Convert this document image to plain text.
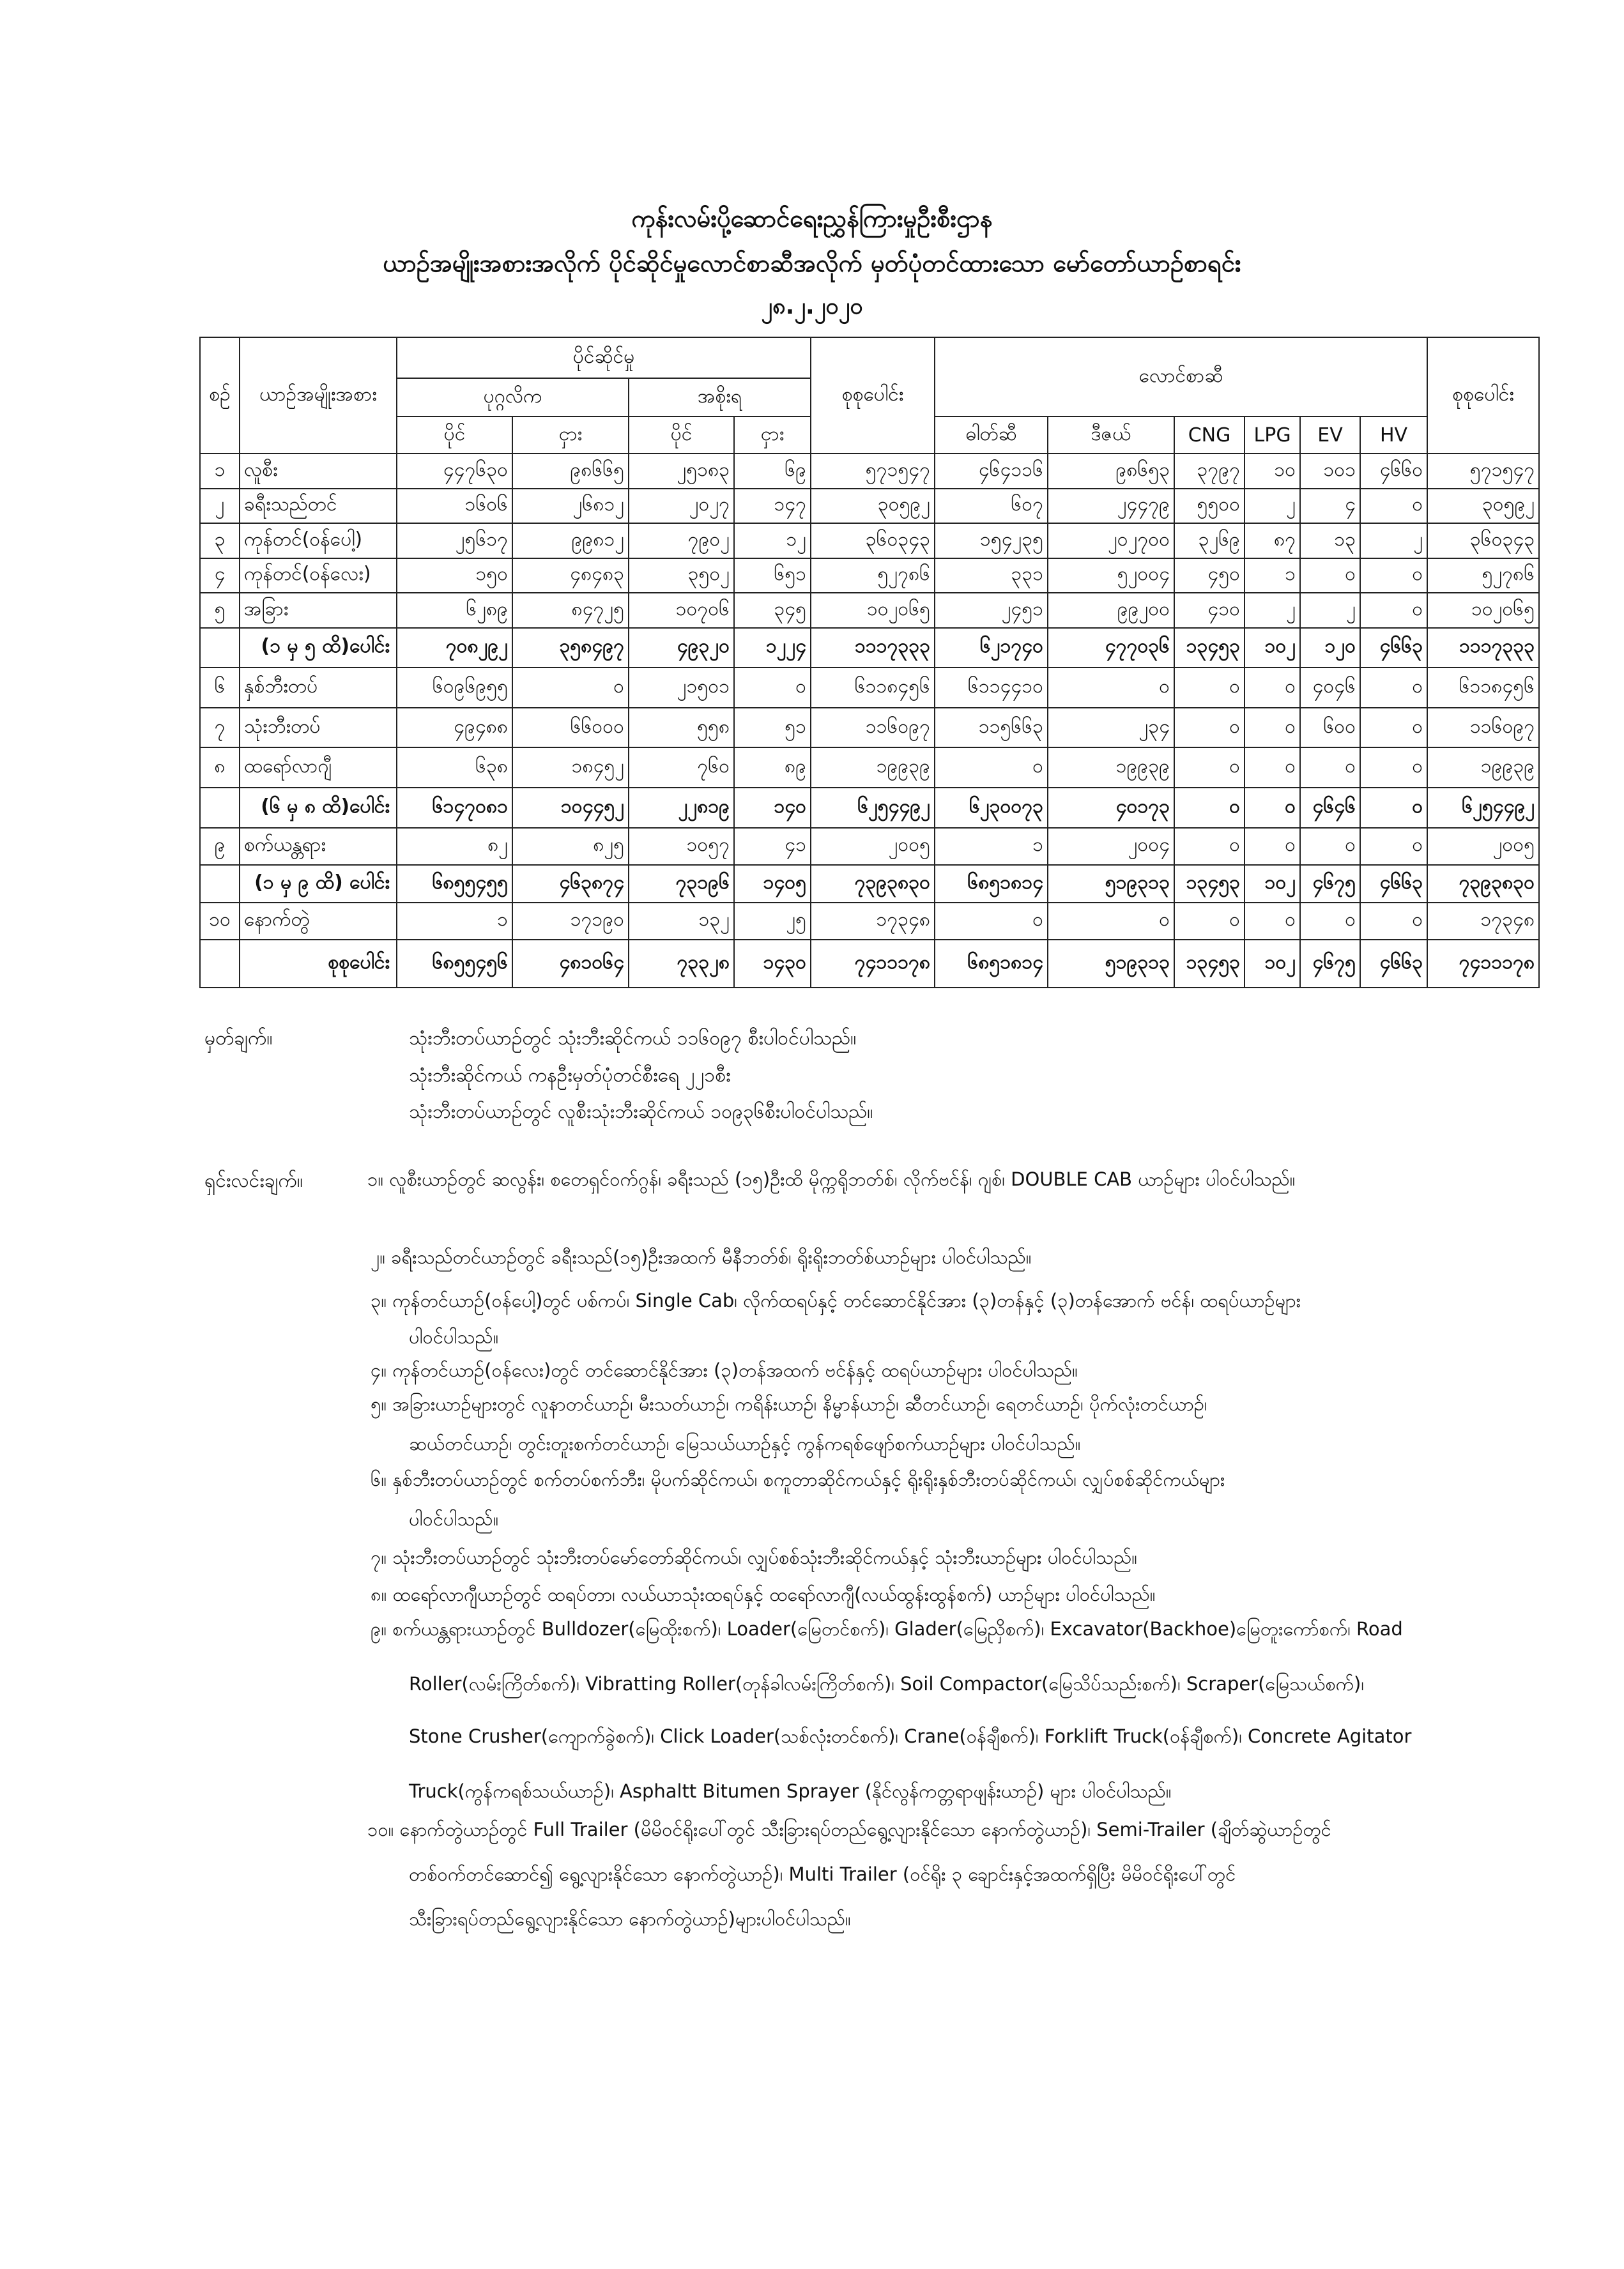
ကုန်းလမ်းပို့ဆောင်ရေးညွှန်ကြားမှုဦးစီးဌာန
ယာဉ်အမျိုးအစားအလိုက် ပိုင်ဆိုင်မှုလောင်စာဆီအလိုက် မှတ်ပုံတင်ထားသော မော်တော်ယာဉ်စာရင်း
၂၈.၂.၂၀၂၀
စဉ်	ယာဉ်အမျိုးအစား	ပိုင်ဆိုင်မှု				စုစုပေါင်း	လောင်စာဆီ						စုစုပေါင်း
		ပုဂ္ဂလိက		အစိုးရ									
		ပိုင်	ငှား	ပိုင်	ငှား		ဓါတ်ဆီ	ဒီဇယ်	CNG	LPG	EV	HV	
၁	လူစီး	၄၄၇၆၃၀	၉၈၆၆၅	၂၅၁၈၃	၆၉	၅၇၁၅၄၇	၄၆၄၁၁၆	၉၈၆၅၃	၃၇၉၇	၁၀	၁၀၁	၄၆၆၀	၅၇၁၅၄၇
၂	ခရီးသည်တင်	၁၆၀၆	၂၆၈၁၂	၂၀၂၇	၁၄၇	၃၀၅၉၂	၆၀၇	၂၄၄၇၉	၅၅၀၀	၂	၄	၀	၃၀၅၉၂
၃	ကုန်တင်(ဝန်ပေါ့)	၂၅၆၁၇	၉၉၈၁၂	၇၉၀၂	၁၂	၃၆၀၃၄၃	၁၅၄၂၃၅	၂၀၂၇၀၀	၃၂၆၉	၈၇	၁၃	၂	၃၆၀၃၄၃
၄	ကုန်တင်(ဝန်လေး)	၁၅၀	၄၈၄၈၃	၃၅၀၂	၆၅၁	၅၂၇၈၆	၃၃၁	၅၂၀၀၄	၄၅၀	၁	၀	၀	၅၂၇၈၆
၅	အခြား	၆၂၈၉	၈၄၇၂၅	၁၀၇၀၆	၃၄၅	၁၀၂၀၆၅	၂၄၅၁	၉၉၂၀၀	၄၁၀	၂	၂	၀	၁၀၂၀၆၅
	(၁ မှ ၅ ထိ)ပေါင်း	၇၀၈၂၉၂	၃၅၈၄၉၇	၄၉၃၂၀	၁၂၂၄	၁၁၁၇၃၃၃	၆၂၁၇၄၀	၄၇၇၀၃၆	၁၃၄၅၃	၁၀၂	၁၂၀	၄၆၆၃	၁၁၁၇၃၃၃
၆	နှစ်ဘီးတပ်	၆၀၉၆၉၅၅	၀	၂၁၅၀၁	၀	၆၁၁၈၄၅၆	၆၁၁၄၄၁၀	၀	၀	၀	၄၀၄၆	၀	၆၁၁၈၄၅၆
၇	သုံးဘီးတပ်	၄၉၄၈၈	၆၆၀၀၀	၅၅၈	၅၁	၁၁၆၀၉၇	၁၁၅၆၆၃	၂၃၄	၀	၀	၆၀၀	၀	၁၁၆၀၉၇
၈	ထရော်လာဂျီ	၆၃၈	၁၈၄၅၂	၇၆၀	၈၉	၁၉၉၃၉	၀	၁၉၉၃၉	၀	၀	၀	၀	၁၉၉၃၉
	(၆ မှ ၈ ထိ)ပေါင်း	၆၁၄၇၀၈၁	၁၀၄၄၅၂	၂၂၈၁၉	၁၄၀	၆၂၅၄၄၉၂	၆၂၃၀၀၇၃	၄၀၁၇၃	၀	၀	၄၆၄၆	၀	၆၂၅၄၄၉၂
၉	စက်ယန္တရား	၈၂	၈၂၅	၁၀၅၇	၄၁	၂၀၀၅	၁	၂၀၀၄	၀	၀	၀	၀	၂၀၀၅
	(၁ မှ ၉ ထိ) ပေါင်း	၆၈၅၅၄၅၅	၄၆၃၈၇၄	၇၃၁၉၆	၁၄၀၅	၇၃၉၃၈၃၀	၆၈၅၁၈၁၄	၅၁၉၃၁၃	၁၃၄၅၃	၁၀၂	၄၆၇၅	၄၆၆၃	၇၃၉၃၈၃၀
၁၀	နောက်တွဲ	၁	၁၇၁၉၀	၁၃၂	၂၅	၁၇၃၄၈	၀	၀	၀	၀	၀	၀	၁၇၃၄၈
	စုစုပေါင်း	၆၈၅၅၄၅၆	၄၈၁၀၆၄	၇၃၃၂၈	၁၄၃၀	၇၄၁၁၁၇၈	၆၈၅၁၈၁၄	၅၁၉၃၁၃	၁၃၄၅၃	၁၀၂	၄၆၇၅	၄၆၆၃	၇၄၁၁၁၇၈
မှတ်ချက်။	သုံးဘီးတပ်ယာဉ်တွင် သုံးဘီးဆိုင်ကယ် ၁၁၆၀၉၇ စီးပါဝင်ပါသည်။
သုံးဘီးဆိုင်ကယ် ကနဦးမှတ်ပုံတင်စီးရေ ၂၂၁စီး
သုံးဘီးတပ်ယာဉ်တွင် လူစီးသုံးဘီးဆိုင်ကယ် ၁၀၉၃၆စီးပါဝင်ပါသည်။
ရှင်းလင်းချက်။	၁။ လူစီးယာဉ်တွင် ဆလွန်း၊ စတေရှင်ဝက်ဂွန်၊ ခရီးသည် (၁၅)ဦးထိ မိုက္ကရိုဘတ်စ်၊ လိုက်ဗင်န်၊ ဂျစ်၊ DOUBLE CAB ယာဉ်များ ပါဝင်ပါသည်။
၂။ ခရီးသည်တင်ယာဉ်တွင် ခရီးသည်(၁၅)ဦးအထက် မီနီဘတ်စ်၊ ရိုးရိုးဘတ်စ်ယာဉ်များ ပါဝင်ပါသည်။
၃။ ကုန်တင်ယာဉ်(ဝန်ပေါ့)တွင် ပစ်ကပ်၊ Single Cab၊ လိုက်ထရပ်နှင့် တင်ဆောင်နိုင်အား (၃)တန်နှင့် (၃)တန်အောက် ဗင်န်၊ ထရပ်ယာဉ်များ
ပါဝင်ပါသည်။
၄။ ကုန်တင်ယာဉ်(ဝန်လေး)တွင် တင်ဆောင်နိုင်အား (၃)တန်အထက် ဗင်န်နှင့် ထရပ်ယာဉ်များ ပါဝင်ပါသည်။
၅။ အခြားယာဉ်များတွင် လူနာတင်ယာဉ်၊ မီးသတ်ယာဉ်၊ ကရိန်းယာဉ်၊ နိမ္မာန်ယာဉ်၊ ဆီတင်ယာဉ်၊ ရေတင်ယာဉ်၊ ပိုက်လုံးတင်ယာဉ်၊
ဆယ်တင်ယာဉ်၊ တွင်းတူးစက်တင်ယာဉ်၊ မြေသယ်ယာဉ်နှင့် ကွန်ကရစ်ဖျော်စက်ယာဉ်များ ပါဝင်ပါသည်။
၆။ နှစ်ဘီးတပ်ယာဉ်တွင် စက်တပ်စက်ဘီး၊ မိုပက်ဆိုင်ကယ်၊ စကူတာဆိုင်ကယ်နှင့် ရိုးရိုးနှစ်ဘီးတပ်ဆိုင်ကယ်၊ လျှပ်စစ်ဆိုင်ကယ်များ
ပါဝင်ပါသည်။
၇။ သုံးဘီးတပ်ယာဉ်တွင် သုံးဘီးတပ်မော်တော်ဆိုင်ကယ်၊ လျှပ်စစ်သုံးဘီးဆိုင်ကယ်နှင့် သုံးဘီးယာဉ်များ ပါဝင်ပါသည်။
၈။ ထရော်လာဂျီယာဉ်တွင် ထရပ်တာ၊ လယ်ယာသုံးထရပ်နှင့် ထရော်လာဂျီ(လယ်ထွန်းထွန်စက်) ယာဉ်များ ပါဝင်ပါသည်။
၉။ စက်ယန္တရားယာဉ်တွင် Bulldozer(မြေထိုးစက်)၊ Loader(မြေတင်စက်)၊ Glader(မြေညှိစက်)၊ Excavator(Backhoe)မြေတူးကော်စက်၊ Road
Roller(လမ်းကြိတ်စက်)၊ Vibratting Roller(တုန်ခါလမ်းကြိတ်စက်)၊ Soil Compactor(မြေသိပ်သည်းစက်)၊ Scraper(မြေသယ်စက်)၊
Stone Crusher(ကျောက်ခွဲစက်)၊ Click Loader(သစ်လုံးတင်စက်)၊ Crane(ဝန်ချီစက်)၊ Forklift Truck(ဝန်ချီစက်)၊ Concrete Agitator
Truck(ကွန်ကရစ်သယ်ယာဉ်)၊ Asphaltt Bitumen Sprayer (နိုင်လွန်ကတ္တရာဖျန်းယာဉ်) များ ပါဝင်ပါသည်။
၁၀။ နောက်တွဲယာဉ်တွင် Full Trailer (မိမိဝင်ရိုးပေါ်တွင် သီးခြားရပ်တည်ရွေ့လျားနိုင်သော နောက်တွဲယာဉ်)၊ Semi-Trailer (ချိတ်ဆွဲယာဉ်တွင်
တစ်ဝက်တင်ဆောင်၍ ရွေ့လျားနိုင်သော နောက်တွဲယာဉ်)၊ Multi Trailer (ဝင်ရိုး ၃ ချောင်းနှင့်အထက်ရှိပြီး မိမိဝင်ရိုးပေါ်တွင်
သီးခြားရပ်တည်ရွေ့လျားနိုင်သော နောက်တွဲယာဉ်)များပါဝင်ပါသည်။
